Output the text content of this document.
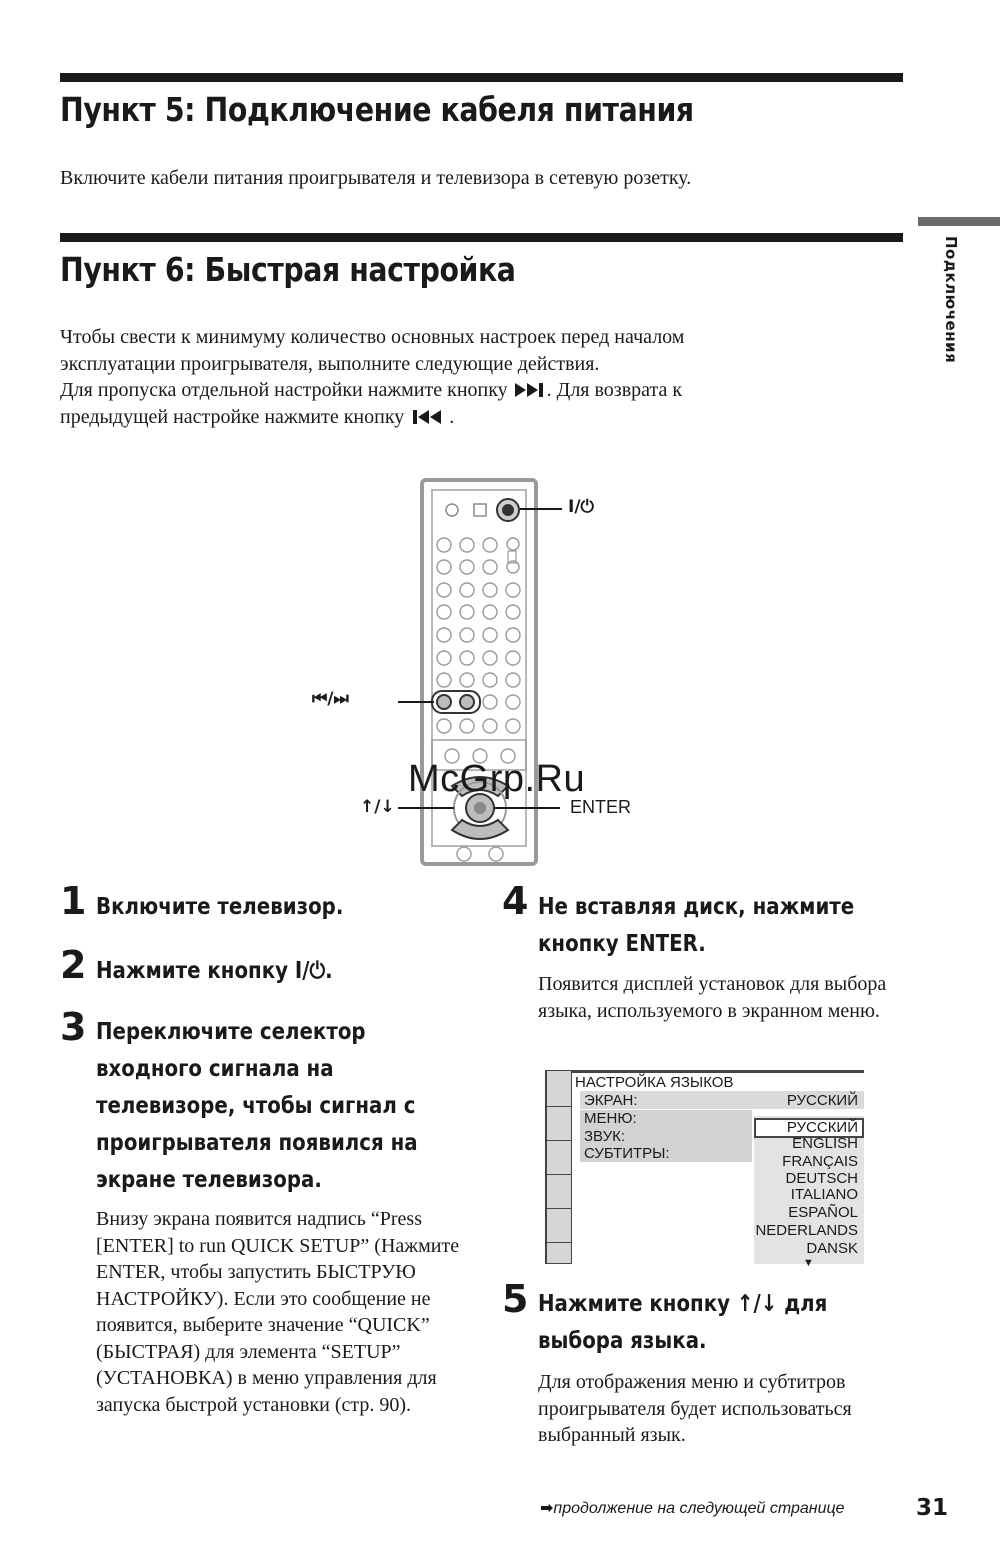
Пункт 5: Подключение кабеля питания

Включите кабели питания проигрывателя и телевизора в сетевую розетку.

Пункт 6: Быстрая настройка
Чтобы свести к минимуму количество основных настроек перед началом
эксплуатации проигрывателя, выполните следующие действия.
Для пропуска отдельной настройки нажмите кнопку . Для возврата к
предыдущей настройке нажмите кнопку .
Подключения
I/⏻
⏮/⏭
↑/↓	ENTER
McGrp.Ru
1 Включите телевизор.
2 Нажмите кнопку I/⏻.
3 Переключите селектор входного сигнала на телевизоре, чтобы сигнал с проигрывателя появился на экране телевизора.

Внизу экрана появится надпись “Press [ENTER] to run QUICK SETUP” (Нажмите ENTER, чтобы запустить БЫСТРУЮ НАСТРОЙКУ). Если это сообщение не появится, выберите значение “QUICK” (БЫСТРАЯ) для элемента “SETUP” (УСТАНОВКА) в меню управления для запуска быстрой установки (стр. 90).

4 Не вставляя диск, нажмите кнопку ENTER.

Появится дисплей установок для выбора языка, используемого в экранном меню.

НАСТРОЙКА ЯЗЫКОВ
ЭКРАН:	РУССКИЙ
МЕНЮ:
ЗВУК:
СУБТИТРЫ:
РУССКИЙ
ENGLISH
FRANÇAIS
DEUTSCH
ITALIANO
ESPAÑOL
NEDERLANDS
DANSK
▼
5 Нажмите кнопку ↑/↓ для выбора языка.

Для отображения меню и субтитров проигрывателя будет использоваться выбранный язык.

➡продолжение на следующей странице	31
